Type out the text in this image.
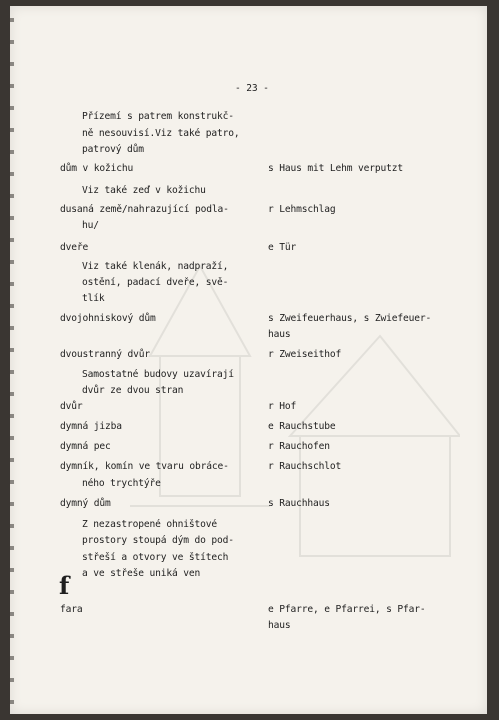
- 23 -
Přízemí s patrem konstrukč-
ně nesouvisí.Viz také patro,
patrový dům
dům v kožichu	s Haus mit Lehm verputzt
Viz také zeď v kožichu
dusaná země/nahrazující podla-	r Lehmschlag
hu/
dveře	e Tür
Viz také klenák, nadpraží,
ostění, padací dveře, svě-
tlík
dvojohniskový dům	s Zweifeuerhaus, s Zwiefeuer-
haus
dvoustranný dvůr	r Zweiseithof
Samostatné budovy uzavírají
dvůr ze dvou stran
dvůr	r Hof
dymná jizba	e Rauchstube
dymná pec	r Rauchofen
dymník, komín ve tvaru obráce-	r Rauchschlot
ného trychtýře
dymný dům	s Rauchhaus
Z nezastropené ohništové
prostory stoupá dým do pod-
střeší a otvory ve štítech
a ve střeše uniká ven
fara	e Pfarre, e Pfarrei, s Pfar-
haus
f
